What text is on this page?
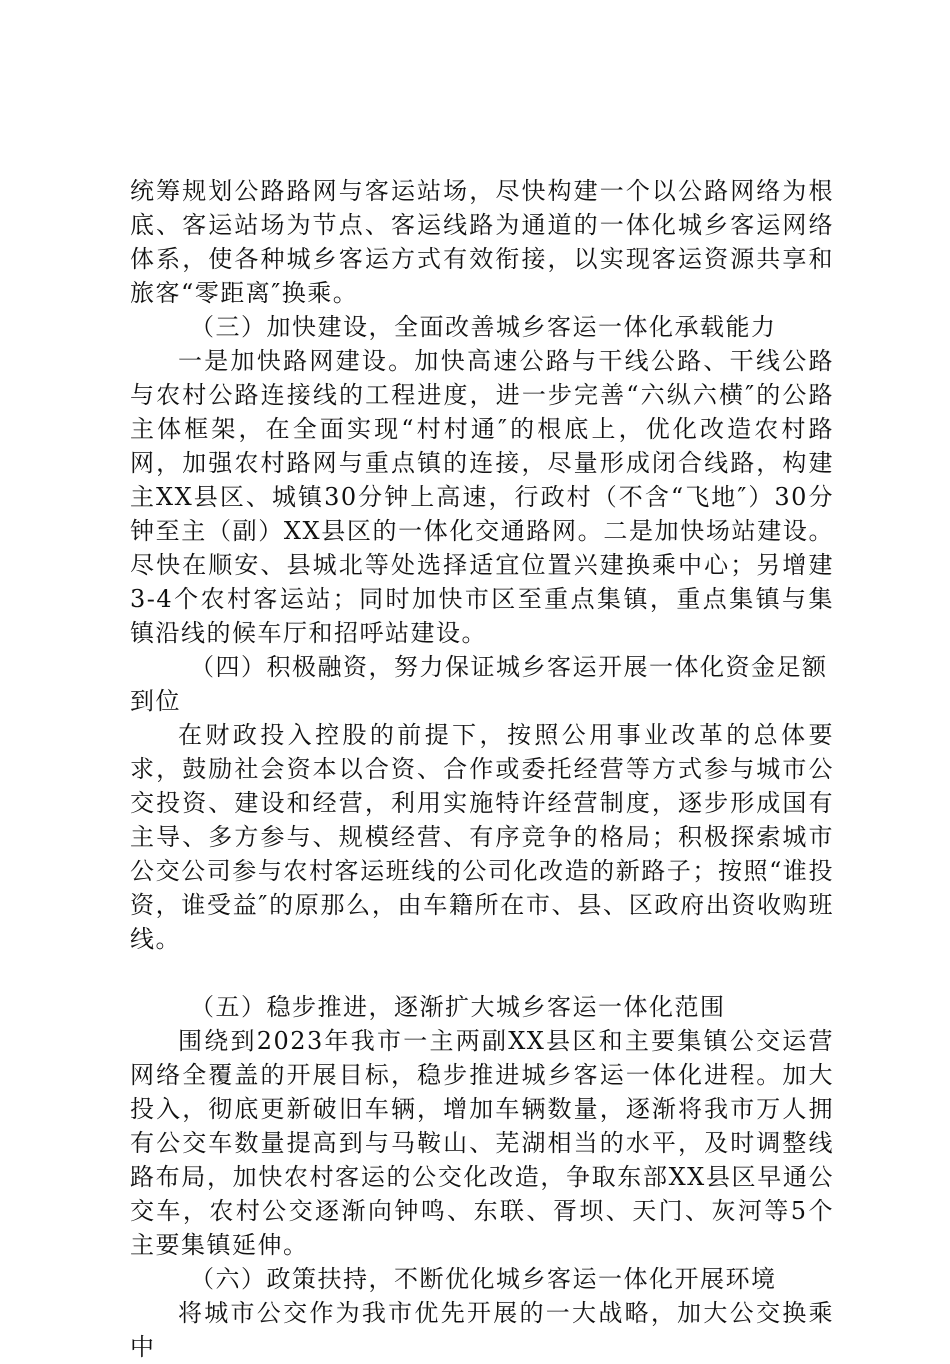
统筹规划公路路网与客运站场，尽快构建一个以公路网络为根底、客运站场为节点、客运线路为通道的一体化城乡客运网络体系，使各种城乡客运方式有效衔接，以实现客运资源共享和旅客“零距离″换乘。

（三）加快建设，全面改善城乡客运一体化承载能力

一是加快路网建设。加快高速公路与干线公路、干线公路与农村公路连接线的工程进度，进一步完善“六纵六横″的公路主体框架，在全面实现“村村通″的根底上，优化改造农村路网，加强农村路网与重点镇的连接，尽量形成闭合线路，构建主XX县区、城镇30分钟上高速，行政村（不含“飞地″）30分钟至主（副）XX县区的一体化交通路网。二是加快场站建设。尽快在顺安、县城北等处选择适宜位置兴建换乘中心；另增建3-4个农村客运站；同时加快市区至重点集镇，重点集镇与集镇沿线的候车厅和招呼站建设。

（四）积极融资，努力保证城乡客运开展一体化资金足额到位

在财政投入控股的前提下，按照公用事业改革的总体要求，鼓励社会资本以合资、合作或委托经营等方式参与城市公交投资、建设和经营，利用实施特许经营制度，逐步形成国有主导、多方参与、规模经营、有序竞争的格局；积极探索城市公交公司参与农村客运班线的公司化改造的新路子；按照“谁投资，谁受益″的原那么，由车籍所在市、县、区政府出资收购班线。

（五）稳步推进，逐渐扩大城乡客运一体化范围

围绕到2023年我市一主两副XX县区和主要集镇公交运营网络全覆盖的开展目标，稳步推进城乡客运一体化进程。加大投入，彻底更新破旧车辆，增加车辆数量，逐渐将我市万人拥有公交车数量提高到与马鞍山、芜湖相当的水平，及时调整线路布局，加快农村客运的公交化改造，争取东部XX县区早通公交车，农村公交逐渐向钟鸣、东联、胥坝、天门、灰河等5个主要集镇延伸。

（六）政策扶持，不断优化城乡客运一体化开展环境

将城市公交作为我市优先开展的一大战略，加大公交换乘中
